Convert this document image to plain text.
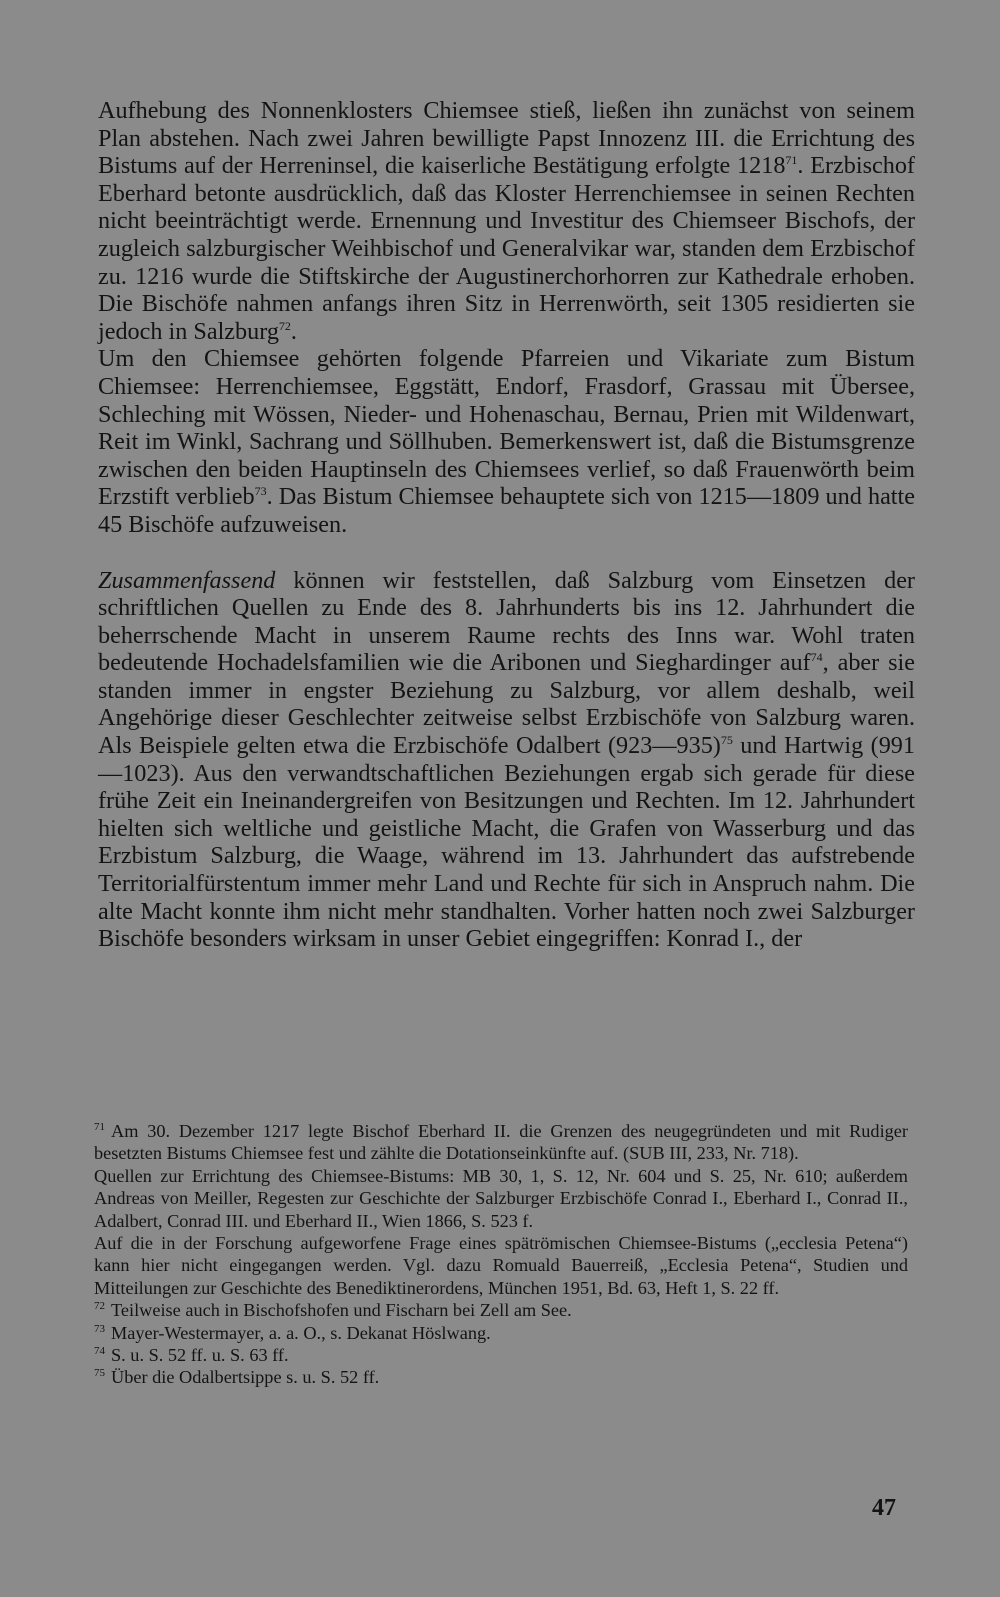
Aufhebung des Nonnenklosters Chiemsee stieß, ließen ihn zunächst von seinem Plan abstehen. Nach zwei Jahren bewilligte Papst Innozenz III. die Errichtung des Bistums auf der Herreninsel, die kaiserliche Bestätigung erfolgte 1218$^{71}$. Erzbischof Eberhard betonte ausdrücklich, daß das Kloster Herrenchiemsee in seinen Rechten nicht beeinträchtigt werde. Ernennung und Investitur des Chiemseer Bischofs, der zugleich salzburgischer Weihbischof und Generalvikar war, standen dem Erzbischof zu. 1216 wurde die Stiftskirche der Augustinerchorhorren zur Kathedrale erhoben. Die Bischöfe nahmen anfangs ihren Sitz in Herrenwörth, seit 1305 residierten sie jedoch in Salzburg$^{72}$.

Um den Chiemsee gehörten folgende Pfarreien und Vikariate zum Bistum Chiemsee: Herrenchiemsee, Eggstätt, Endorf, Frasdorf, Grassau mit Übersee, Schleching mit Wössen, Nieder- und Hohenaschau, Bernau, Prien mit Wildenwart, Reit im Winkl, Sachrang und Söllhuben. Bemerkenswert ist, daß die Bistumsgrenze zwischen den beiden Hauptinseln des Chiemsees verlief, so daß Frauenwörth beim Erzstift verblieb$^{73}$. Das Bistum Chiemsee behauptete sich von 1215—1809 und hatte 45 Bischöfe aufzuweisen.

Zusammenfassend können wir feststellen, daß Salzburg vom Einsetzen der schriftlichen Quellen zu Ende des 8. Jahrhunderts bis ins 12. Jahrhundert die beherrschende Macht in unserem Raume rechts des Inns war. Wohl traten bedeutende Hochadelsfamilien wie die Aribonen und Sieghardinger auf$^{74}$, aber sie standen immer in engster Beziehung zu Salzburg, vor allem deshalb, weil Angehörige dieser Geschlechter zeitweise selbst Erzbischöfe von Salzburg waren. Als Beispiele gelten etwa die Erzbischöfe Odalbert (923—935)$^{75}$ und Hartwig (991—1023). Aus den verwandtschaftlichen Beziehungen ergab sich gerade für diese frühe Zeit ein Ineinandergreifen von Besitzungen und Rechten. Im 12. Jahrhundert hielten sich weltliche und geistliche Macht, die Grafen von Wasserburg und das Erzbistum Salzburg, die Waage, während im 13. Jahrhundert das aufstrebende Territorialfürstentum immer mehr Land und Rechte für sich in Anspruch nahm. Die alte Macht konnte ihm nicht mehr standhalten. Vorher hatten noch zwei Salzburger Bischöfe besonders wirksam in unser Gebiet eingegriffen: Konrad I., der

$^{71}$ Am 30. Dezember 1217 legte Bischof Eberhard II. die Grenzen des neugegründeten und mit Rudiger besetzten Bistums Chiemsee fest und zählte die Dotationseinkünfte auf. (SUB III, 233, Nr. 718).

Quellen zur Errichtung des Chiemsee-Bistums: MB 30, 1, S. 12, Nr. 604 und S. 25, Nr. 610; außerdem Andreas von Meiller, Regesten zur Geschichte der Salzburger Erzbischöfe Conrad I., Eberhard I., Conrad II., Adalbert, Conrad III. und Eberhard II., Wien 1866, S. 523 f.

Auf die in der Forschung aufgeworfene Frage eines spätrömischen Chiemsee-Bistums („ecclesia Petena“) kann hier nicht eingegangen werden. Vgl. dazu Romuald Bauerreiß, „Ecclesia Petena“, Studien und Mitteilungen zur Geschichte des Benediktinerordens, München 1951, Bd. 63, Heft 1, S. 22 ff.

$^{72}$ Teilweise auch in Bischofshofen und Fischarn bei Zell am See.

$^{73}$ Mayer-Westermayer, a. a. O., s. Dekanat Höslwang.

$^{74}$ S. u. S. 52 ff. u. S. 63 ff.

$^{75}$ Über die Odalbertsippe s. u. S. 52 ff.

47
